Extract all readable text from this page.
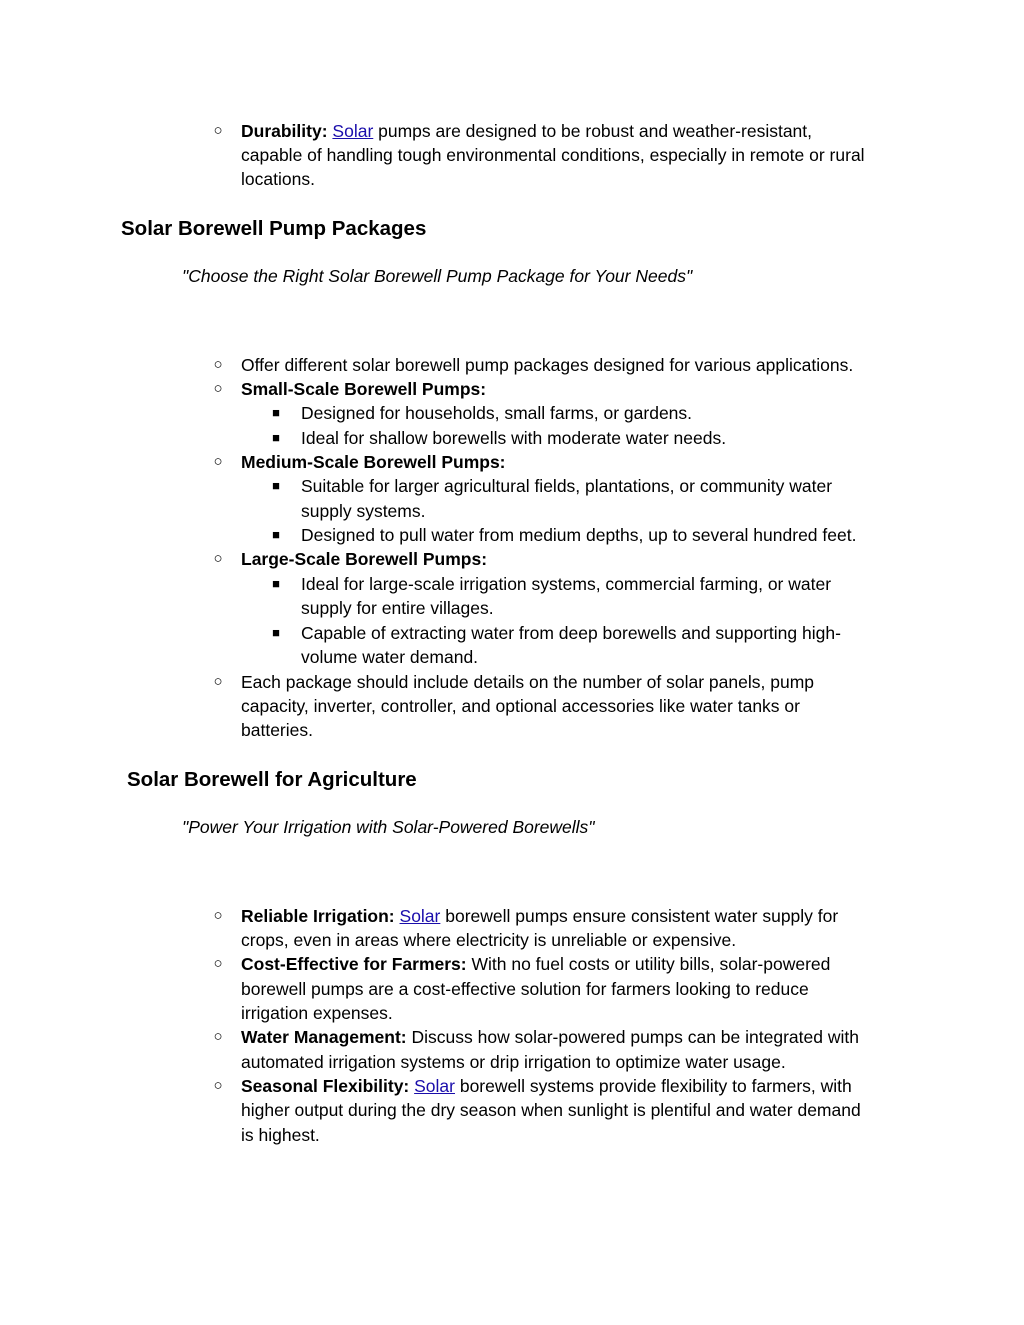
○ Durability: Solar pumps are designed to be robust and weather-resistant,
capable of handling tough environmental conditions, especially in remote or rural
locations.
Solar Borewell Pump Packages
"Choose the Right Solar Borewell Pump Package for Your Needs"
○ Offer different solar borewell pump packages designed for various applications.
○ Small-Scale Borewell Pumps:
■ Designed for households, small farms, or gardens.
■ Ideal for shallow borewells with moderate water needs.
○ Medium-Scale Borewell Pumps:
■ Suitable for larger agricultural fields, plantations, or community water
supply systems.
■ Designed to pull water from medium depths, up to several hundred feet.
○ Large-Scale Borewell Pumps:
■ Ideal for large-scale irrigation systems, commercial farming, or water
supply for entire villages.
■ Capable of extracting water from deep borewells and supporting high-
volume water demand.
○ Each package should include details on the number of solar panels, pump
capacity, inverter, controller, and optional accessories like water tanks or
batteries.
Solar Borewell for Agriculture
"Power Your Irrigation with Solar-Powered Borewells"
○ Reliable Irrigation: Solar borewell pumps ensure consistent water supply for
crops, even in areas where electricity is unreliable or expensive.
○ Cost-Effective for Farmers: With no fuel costs or utility bills, solar-powered
borewell pumps are a cost-effective solution for farmers looking to reduce
irrigation expenses.
○ Water Management: Discuss how solar-powered pumps can be integrated with
automated irrigation systems or drip irrigation to optimize water usage.
○ Seasonal Flexibility: Solar borewell systems provide flexibility to farmers, with
higher output during the dry season when sunlight is plentiful and water demand
is highest.
